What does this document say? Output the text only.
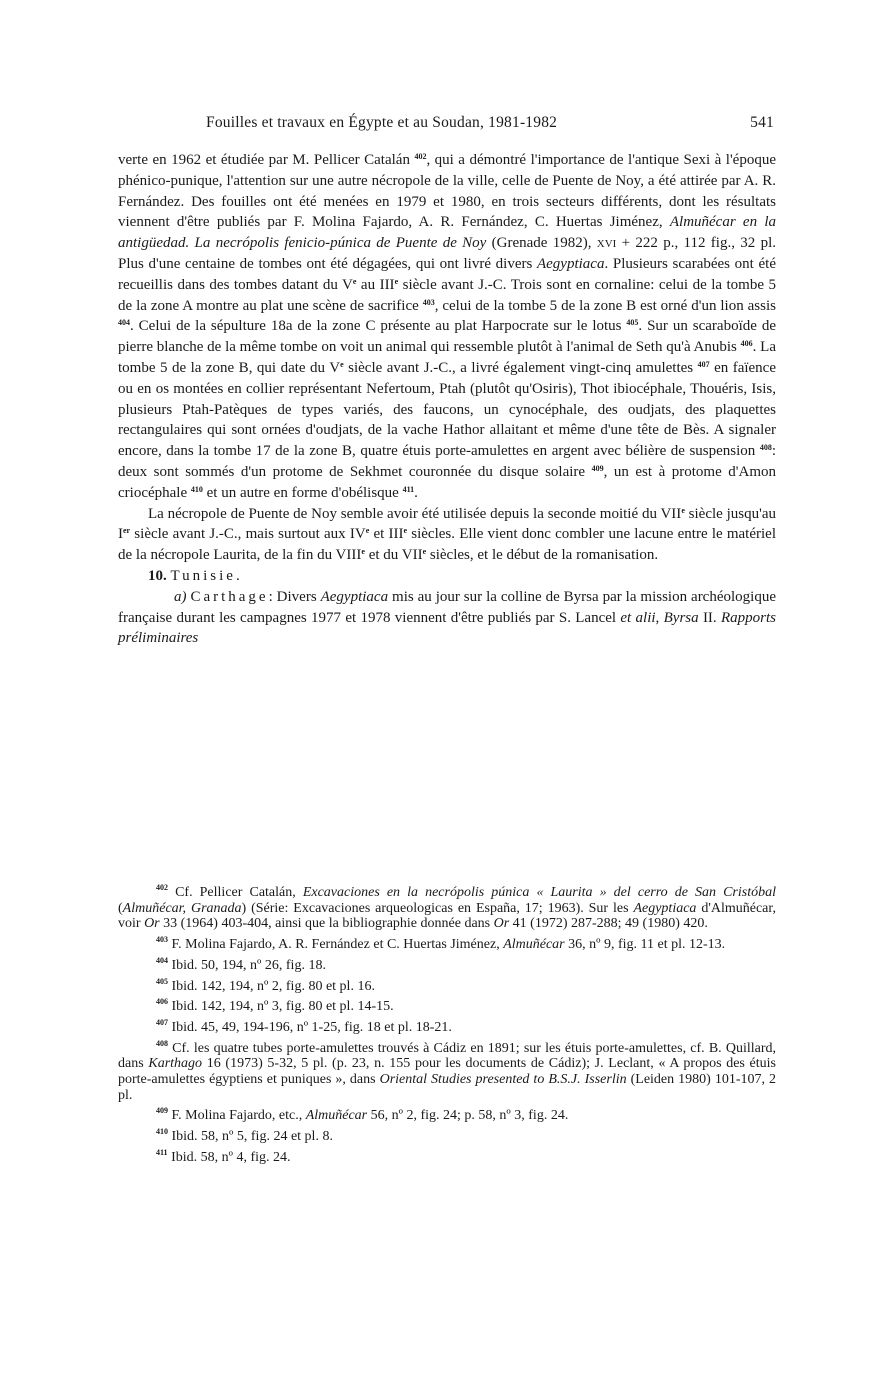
Fouilles et travaux en Égypte et au Soudan, 1981-1982	541

verte en 1962 et étudiée par M. Pellicer Catalán $^{402}$, qui a démontré l'importance de l'antique Sexi à l'époque phénico-punique, l'attention sur une autre nécropole de la ville, celle de Puente de Noy, a été attirée par A. R. Fernández. Des fouilles ont été menées en 1979 et 1980, en trois secteurs différents, dont les résultats viennent d'être publiés par F. Molina Fajardo, A. R. Fernández, C. Huertas Jiménez, Almuñécar en la antigüedad. La necrópolis fenicio-púnica de Puente de Noy (Grenade 1982), xvi + 222 p., 112 fig., 32 pl. Plus d'une centaine de tombes ont été dégagées, qui ont livré divers Aegyptiaca. Plusieurs scarabées ont été recueillis dans des tombes datant du Ve au IIIe siècle avant J.-C. Trois sont en cornaline: celui de la tombe 5 de la zone A montre au plat une scène de sacrifice $^{403}$, celui de la tombe 5 de la zone B est orné d'un lion assis $^{404}$. Celui de la sépulture 18a de la zone C présente au plat Harpocrate sur le lotus $^{405}$. Sur un scaraboïde de pierre blanche de la même tombe on voit un animal qui ressemble plutôt à l'animal de Seth qu'à Anubis $^{406}$. La tombe 5 de la zone B, qui date du Ve siècle avant J.-C., a livré également vingt-cinq amulettes $^{407}$ en faïence ou en os montées en collier représentant Nefertoum, Ptah (plutôt qu'Osiris), Thot ibiocéphale, Thouéris, Isis, plusieurs Ptah-Patèques de types variés, des faucons, un cynocéphale, des oudjats, des plaquettes rectangulaires qui sont ornées d'oudjats, de la vache Hathor allaitant et même d'une tête de Bès. A signaler encore, dans la tombe 17 de la zone B, quatre étuis porte-amulettes en argent avec bélière de suspension $^{408}$: deux sont sommés d'un protome de Sekhmet couronnée du disque solaire $^{409}$, un est à protome d'Amon criocéphale $^{410}$ et un autre en forme d'obélisque $^{411}$.

La nécropole de Puente de Noy semble avoir été utilisée depuis la seconde moitié du VIIe siècle jusqu'au Ier siècle avant J.-C., mais surtout aux IVe et IIIe siècles. Elle vient donc combler une lacune entre le matériel de la nécropole Laurita, de la fin du VIIIe et du VIIe siècles, et le début de la romanisation.

10. Tunisie.

a) Carthage: Divers Aegyptiaca mis au jour sur la colline de Byrsa par la mission archéologique française durant les campagnes 1977 et 1978 viennent d'être publiés par S. Lancel et alii, Byrsa II. Rapports préliminaires

$^{402}$ Cf. Pellicer Catalán, Excavaciones en la necrópolis púnica « Laurita » del cerro de San Cristóbal (Almuñécar, Granada) (Série: Excavaciones arqueologicas en España, 17; 1963). Sur les Aegyptiaca d'Almuñécar, voir Or 33 (1964) 403-404, ainsi que la bibliographie donnée dans Or 41 (1972) 287-288; 49 (1980) 420.

$^{403}$ F. Molina Fajardo, A. R. Fernández et C. Huertas Jiménez, Almuñécar 36, nº 9, fig. 11 et pl. 12-13.

$^{404}$ Ibid. 50, 194, nº 26, fig. 18.

$^{405}$ Ibid. 142, 194, nº 2, fig. 80 et pl. 16.

$^{406}$ Ibid. 142, 194, nº 3, fig. 80 et pl. 14-15.

$^{407}$ Ibid. 45, 49, 194-196, nº 1-25, fig. 18 et pl. 18-21.

$^{408}$ Cf. les quatre tubes porte-amulettes trouvés à Cádiz en 1891; sur les étuis porte-amulettes, cf. B. Quillard, dans Karthago 16 (1973) 5-32, 5 pl. (p. 23, n. 155 pour les documents de Cádiz); J. Leclant, « A propos des étuis porte-amulettes égyptiens et puniques », dans Oriental Studies presented to B.S.J. Isserlin (Leiden 1980) 101-107, 2 pl.

$^{409}$ F. Molina Fajardo, etc., Almuñécar 56, nº 2, fig. 24; p. 58, nº 3, fig. 24.

$^{410}$ Ibid. 58, nº 5, fig. 24 et pl. 8.

$^{411}$ Ibid. 58, nº 4, fig. 24.
